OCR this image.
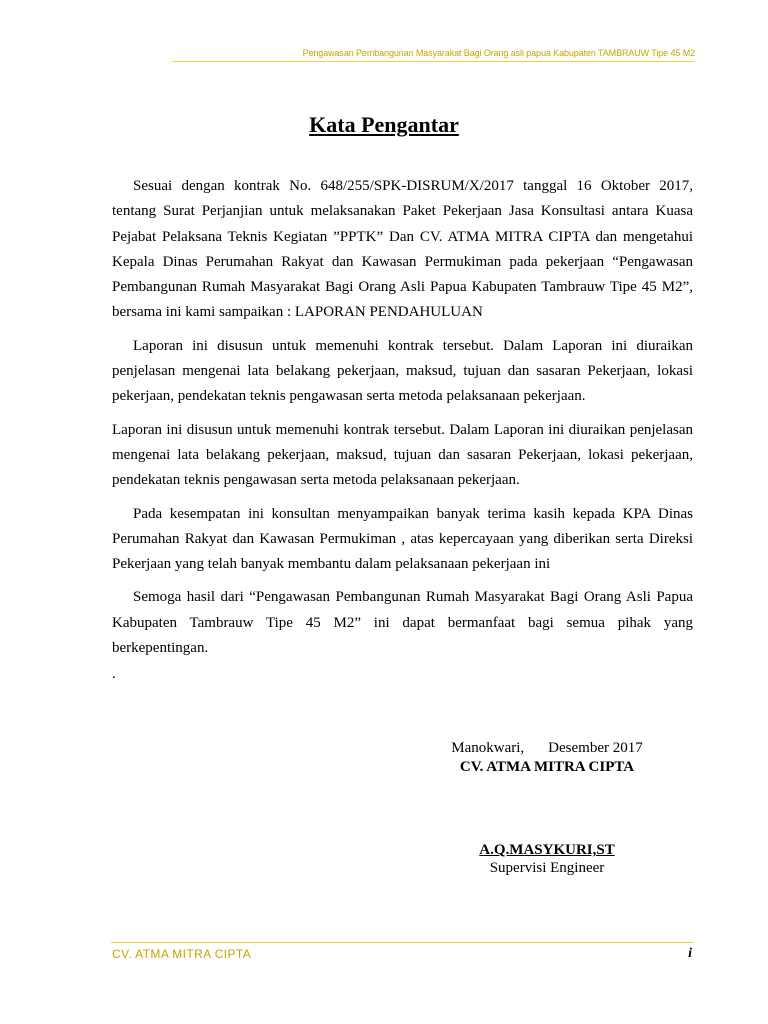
Pengawasan Pembangunan Masyarakat Bagi Orang asli papua Kabupaten TAMBRAUW Tipe 45 M2
Kata Pengantar

Sesuai dengan kontrak No. 648/255/SPK-DISRUM/X/2017 tanggal 16 Oktober 2017, tentang Surat Perjanjian untuk melaksanakan Paket Pekerjaan Jasa Konsultasi antara Kuasa Pejabat Pelaksana Teknis Kegiatan ”PPTK” Dan CV. ATMA MITRA CIPTA dan mengetahui Kepala Dinas Perumahan Rakyat dan Kawasan Permukiman pada pekerjaan “Pengawasan Pembangunan Rumah Masyarakat Bagi Orang Asli Papua Kabupaten Tambrauw Tipe 45 M2”, bersama ini kami sampaikan : LAPORAN PENDAHULUAN

Laporan ini disusun untuk memenuhi kontrak tersebut. Dalam Laporan ini diuraikan penjelasan mengenai lata belakang pekerjaan, maksud, tujuan dan sasaran Pekerjaan, lokasi pekerjaan, pendekatan teknis pengawasan serta metoda pelaksanaan pekerjaan.

Laporan ini disusun untuk memenuhi kontrak tersebut. Dalam Laporan ini diuraikan penjelasan mengenai lata belakang pekerjaan, maksud, tujuan dan sasaran Pekerjaan, lokasi pekerjaan, pendekatan teknis pengawasan serta metoda pelaksanaan pekerjaan.

Pada kesempatan ini konsultan menyampaikan banyak terima kasih kepada KPA Dinas Perumahan Rakyat dan Kawasan Permukiman , atas kepercayaan yang diberikan serta Direksi Pekerjaan yang telah banyak membantu dalam pelaksanaan pekerjaan ini

Semoga hasil dari “Pengawasan Pembangunan Rumah Masyarakat Bagi Orang Asli Papua Kabupaten Tambrauw Tipe 45 M2” ini dapat bermanfaat bagi semua pihak yang berkepentingan.

.
Manokwari, Desember 2017
CV. ATMA MITRA CIPTA
A.Q.MASYKURI,ST
Supervisi Engineer
CV. ATMA MITRA CIPTA	i
